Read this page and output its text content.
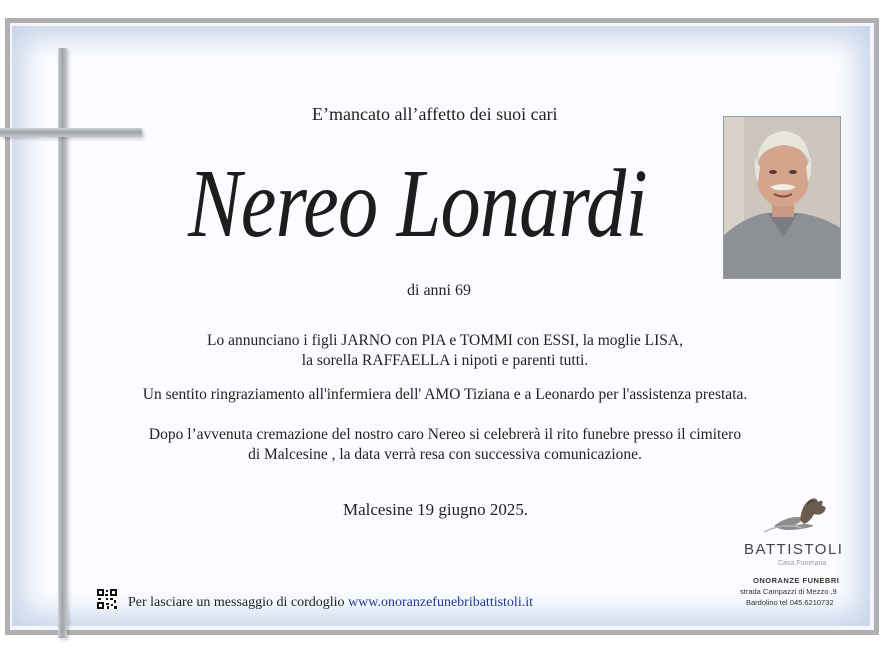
E’mancato all’affetto dei suoi cari
Nereo Lonardi
di anni 69
Lo annunciano i figli JARNO con PIA e TOMMI con ESSI, la moglie LISA,
la sorella RAFFAELLA i nipoti e parenti tutti.
Un sentito ringraziamento all'infermiera dell' AMO Tiziana e a Leonardo per l'assistenza prestata.
Dopo l’avvenuta cremazione del nostro caro Nereo si celebrerà il rito funebre presso il cimitero
di Malcesine , la data verrà resa con successiva comunicazione.
Malcesine 19 giugno 2025.
Per lasciare un messaggio di cordoglio www.onoranzefunebribattistoli.it
BATTISTOLI
Casa Funeraria
ONORANZE FUNEBRI
strada Campazzi di Mezzo ,9
Bardolino tel 045.6210732
